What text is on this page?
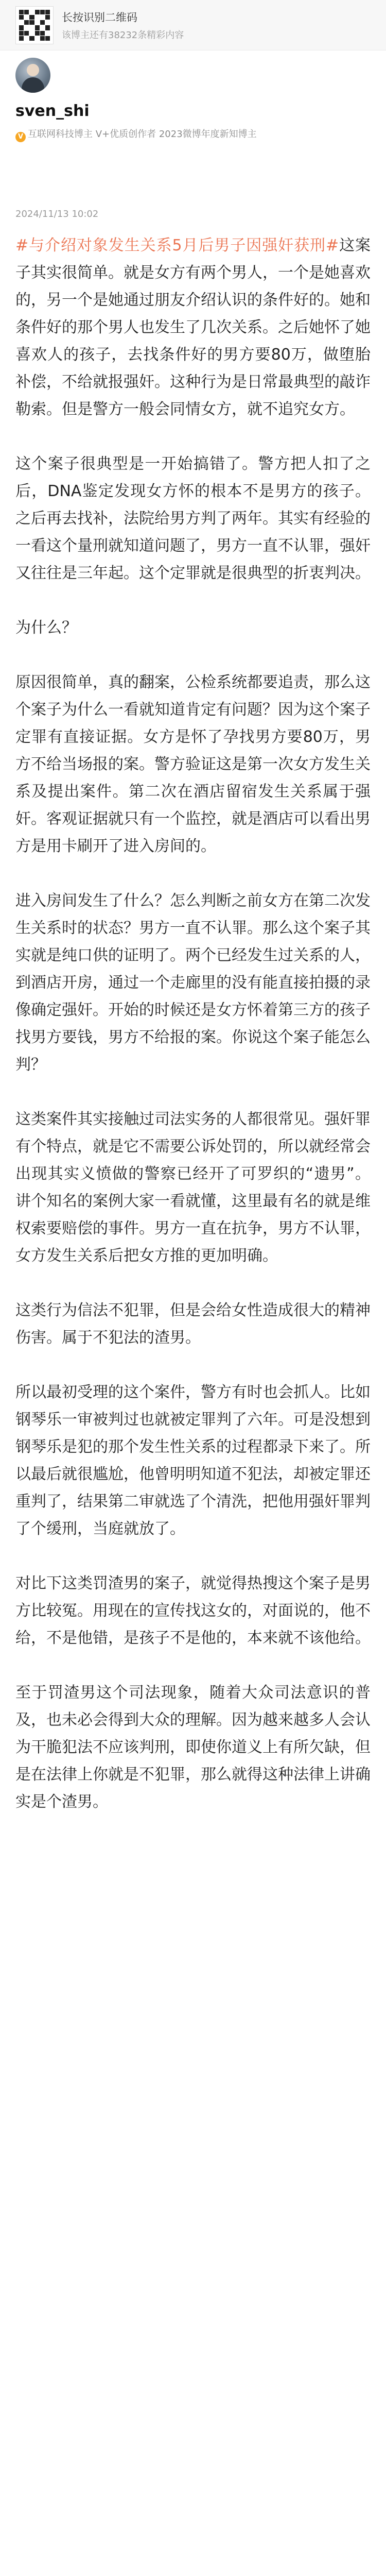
长按识别二维码
该博主还有38232条精彩内容
sven_shi
V 互联网科技博主 V+优质创作者 2023微博年度新知博主
2024/11/13 10:02

#与介绍对象发生关系5月后男子因强奸获刑#这案子其实很简单。就是女方有两个男人，一个是她喜欢的，另一个是她通过朋友介绍认识的条件好的。她和条件好的那个男人也发生了几次关系。之后她怀了她喜欢人的孩子，去找条件好的男方要80万，做堕胎补偿，不给就报强奸。这种行为是日常最典型的敲诈勒索。但是警方一般会同情女方，就不追究女方。

这个案子很典型是一开始搞错了。警方把人扣了之后，DNA鉴定发现女方怀的根本不是男方的孩子。之后再去找补，法院给男方判了两年。其实有经验的一看这个量刑就知道问题了，男方一直不认罪，强奸又往往是三年起。这个定罪就是很典型的折衷判决。

为什么？

原因很简单，真的翻案，公检系统都要追责，那么这个案子为什么一看就知道肯定有问题？因为这个案子定罪有直接证据。女方是怀了孕找男方要80万，男方不给当场报的案。警方验证这是第一次女方发生关系及提出案件。第二次在酒店留宿发生关系属于强奸。客观证据就只有一个监控，就是酒店可以看出男方是用卡刷开了进入房间的。

进入房间发生了什么？怎么判断之前女方在第二次发生关系时的状态？男方一直不认罪。那么这个案子其实就是纯口供的证明了。两个已经发生过关系的人，到酒店开房，通过一个走廊里的没有能直接拍摄的录像确定强奸。开始的时候还是女方怀着第三方的孩子找男方要钱，男方不给报的案。你说这个案子能怎么判？

这类案件其实接触过司法实务的人都很常见。强奸罪有个特点，就是它不需要公诉处罚的，所以就经常会出现其实义愤做的警察已经开了可罗织的“遗男”。讲个知名的案例大家一看就懂，这里最有名的就是维权索要赔偿的事件。男方一直在抗争，男方不认罪，女方发生关系后把女方推的更加明确。

这类行为信法不犯罪，但是会给女性造成很大的精神伤害。属于不犯法的渣男。

所以最初受理的这个案件，警方有时也会抓人。比如钢琴乐一审被判过也就被定罪判了六年。可是没想到钢琴乐是犯的那个发生性关系的过程都录下来了。所以最后就很尴尬，他曾明明知道不犯法，却被定罪还重判了，结果第二审就选了个清洗，把他用强奸罪判了个缓刑，当庭就放了。

对比下这类罚渣男的案子，就觉得热搜这个案子是男方比较冤。用现在的宣传找这女的，对面说的，他不给，不是他错，是孩子不是他的，本来就不该他给。

至于罚渣男这个司法现象，随着大众司法意识的普及，也未必会得到大众的理解。因为越来越多人会认为干脆犯法不应该判刑，即使你道义上有所欠缺，但是在法律上你就是不犯罪，那么就得这种法律上讲确实是个渣男。
